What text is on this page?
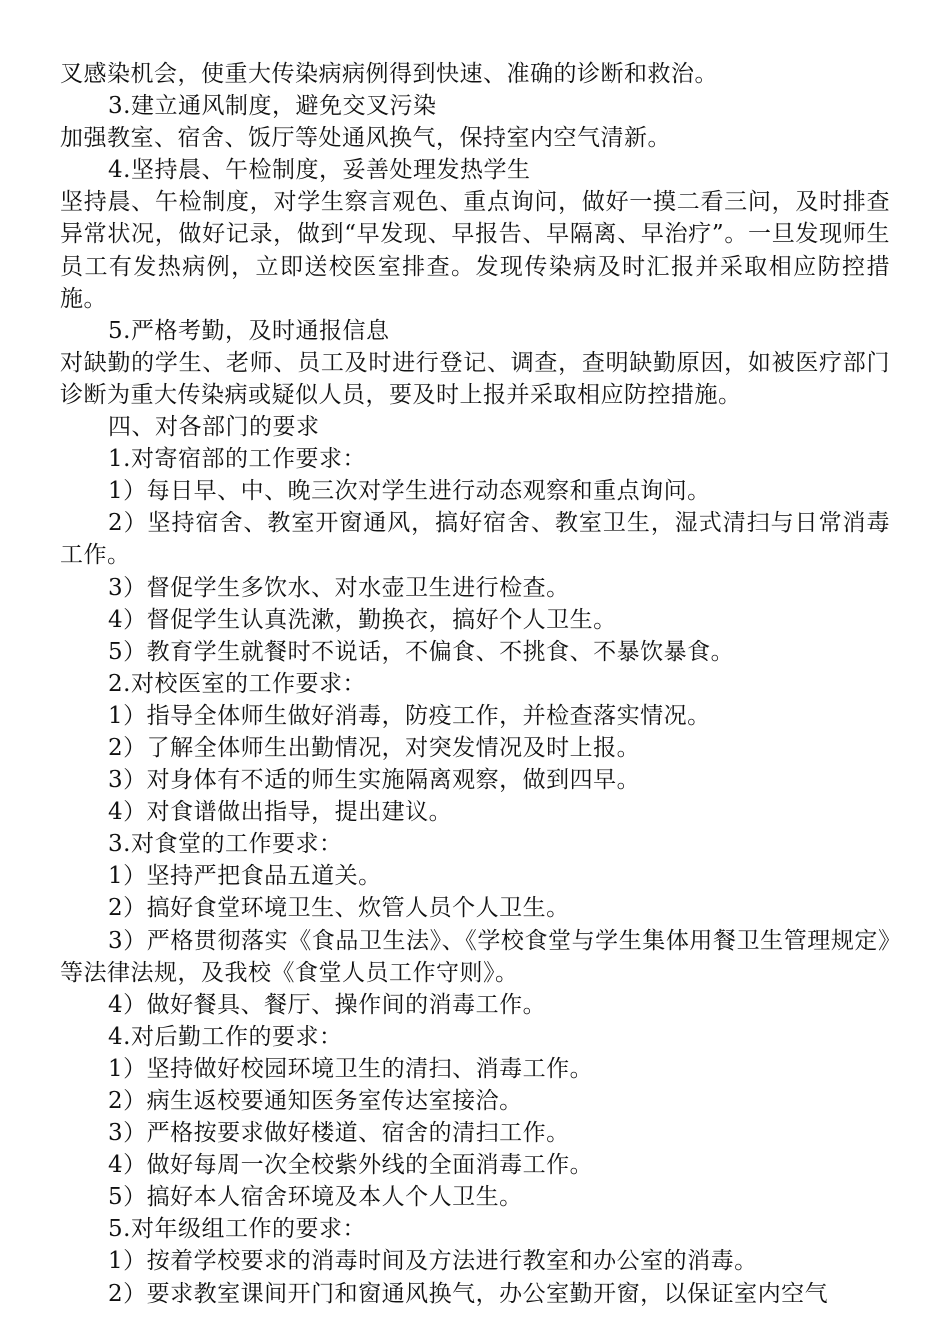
叉感染机会，使重大传染病病例得到快速、准确的诊断和救治。

3.建立通风制度，避免交叉污染

加强教室、宿舍、饭厅等处通风换气，保持室内空气清新。

4.坚持晨、午检制度，妥善处理发热学生

坚持晨、午检制度，对学生察言观色、重点询问，做好一摸二看三问，及时排查异常状况，做好记录，做到“早发现、早报告、早隔离、早治疗”。一旦发现师生员工有发热病例，立即送校医室排查。发现传染病及时汇报并采取相应防控措施。

5.严格考勤，及时通报信息

对缺勤的学生、老师、员工及时进行登记、调查，查明缺勤原因，如被医疗部门诊断为重大传染病或疑似人员，要及时上报并采取相应防控措施。

四、对各部门的要求

1.对寄宿部的工作要求：

1）每日早、中、晚三次对学生进行动态观察和重点询问。

2）坚持宿舍、教室开窗通风，搞好宿舍、教室卫生，湿式清扫与日常消毒工作。

3）督促学生多饮水、对水壶卫生进行检查。

4）督促学生认真洗漱，勤换衣，搞好个人卫生。

5）教育学生就餐时不说话，不偏食、不挑食、不暴饮暴食。

2.对校医室的工作要求：

1）指导全体师生做好消毒，防疫工作，并检查落实情况。

2）了解全体师生出勤情况，对突发情况及时上报。

3）对身体有不适的师生实施隔离观察，做到四早。

4）对食谱做出指导，提出建议。

3.对食堂的工作要求：

1）坚持严把食品五道关。

2）搞好食堂环境卫生、炊管人员个人卫生。

3）严格贯彻落实《食品卫生法》、《学校食堂与学生集体用餐卫生管理规定》等法律法规，及我校《食堂人员工作守则》。

4）做好餐具、餐厅、操作间的消毒工作。

4.对后勤工作的要求：

1）坚持做好校园环境卫生的清扫、消毒工作。

2）病生返校要通知医务室传达室接洽。

3）严格按要求做好楼道、宿舍的清扫工作。

4）做好每周一次全校紫外线的全面消毒工作。

5）搞好本人宿舍环境及本人个人卫生。

5.对年级组工作的要求：

1）按着学校要求的消毒时间及方法进行教室和办公室的消毒。

2）要求教室课间开门和窗通风换气，办公室勤开窗，以保证室内空气
